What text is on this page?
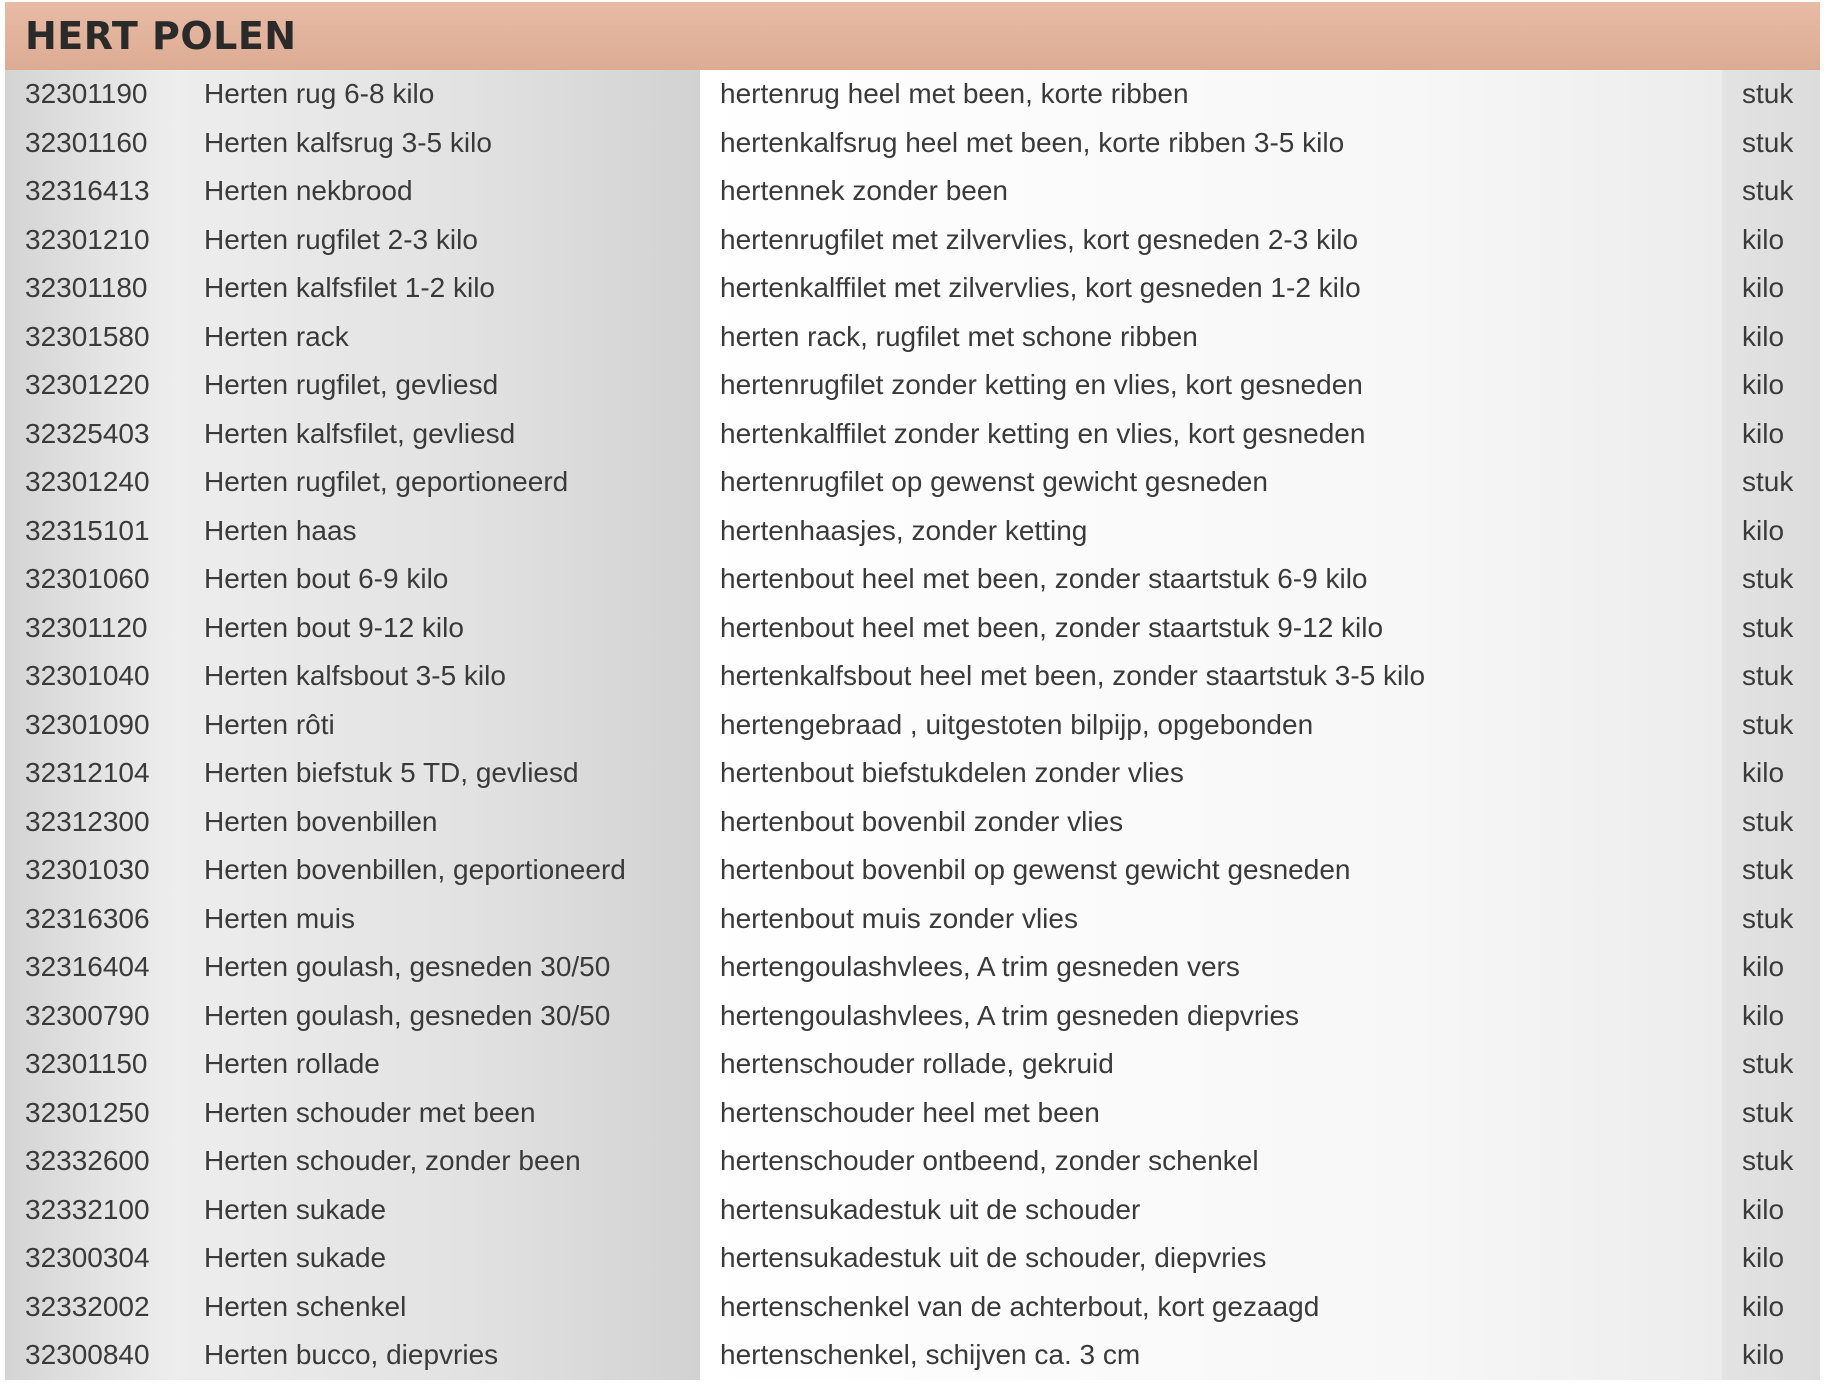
HERT POLEN
32301190	Herten rug 6-8 kilo	hertenrug heel met been, korte ribben	stuk
32301160	Herten kalfsrug 3-5 kilo	hertenkalfsrug heel met been, korte ribben 3-5 kilo	stuk
32316413	Herten nekbrood	hertennek zonder been	stuk
32301210	Herten rugfilet 2-3 kilo	hertenrugfilet met zilvervlies, kort gesneden 2-3 kilo	kilo
32301180	Herten kalfsfilet 1-2 kilo	hertenkalffilet met zilvervlies, kort gesneden 1-2 kilo	kilo
32301580	Herten rack	herten rack, rugfilet met schone ribben	kilo
32301220	Herten rugfilet, gevliesd	hertenrugfilet zonder ketting en vlies, kort gesneden	kilo
32325403	Herten kalfsfilet, gevliesd	hertenkalffilet zonder ketting en vlies, kort gesneden	kilo
32301240	Herten rugfilet, geportioneerd	hertenrugfilet op gewenst gewicht gesneden	stuk
32315101	Herten haas	hertenhaasjes, zonder ketting	kilo
32301060	Herten bout 6-9 kilo	hertenbout heel met been, zonder staartstuk 6-9 kilo	stuk
32301120	Herten bout 9-12 kilo	hertenbout heel met been, zonder staartstuk 9-12 kilo	stuk
32301040	Herten kalfsbout 3-5 kilo	hertenkalfsbout heel met been, zonder staartstuk 3-5 kilo	stuk
32301090	Herten rôti	hertengebraad , uitgestoten bilpijp, opgebonden	stuk
32312104	Herten biefstuk 5 TD, gevliesd	hertenbout biefstukdelen zonder vlies	kilo
32312300	Herten bovenbillen	hertenbout bovenbil zonder vlies	stuk
32301030	Herten bovenbillen, geportioneerd	hertenbout bovenbil op gewenst gewicht gesneden	stuk
32316306	Herten muis	hertenbout muis zonder vlies	stuk
32316404	Herten goulash, gesneden 30/50	hertengoulashvlees, A trim gesneden vers	kilo
32300790	Herten goulash, gesneden 30/50	hertengoulashvlees, A trim gesneden diepvries	kilo
32301150	Herten rollade	hertenschouder rollade, gekruid	stuk
32301250	Herten schouder met been	hertenschouder heel met been	stuk
32332600	Herten schouder, zonder been	hertenschouder ontbeend, zonder schenkel	stuk
32332100	Herten sukade	hertensukadestuk uit de schouder	kilo
32300304	Herten sukade	hertensukadestuk uit de schouder, diepvries	kilo
32332002	Herten schenkel	hertenschenkel van de achterbout, kort gezaagd	kilo
32300840	Herten bucco, diepvries	hertenschenkel, schijven ca. 3 cm	kilo
